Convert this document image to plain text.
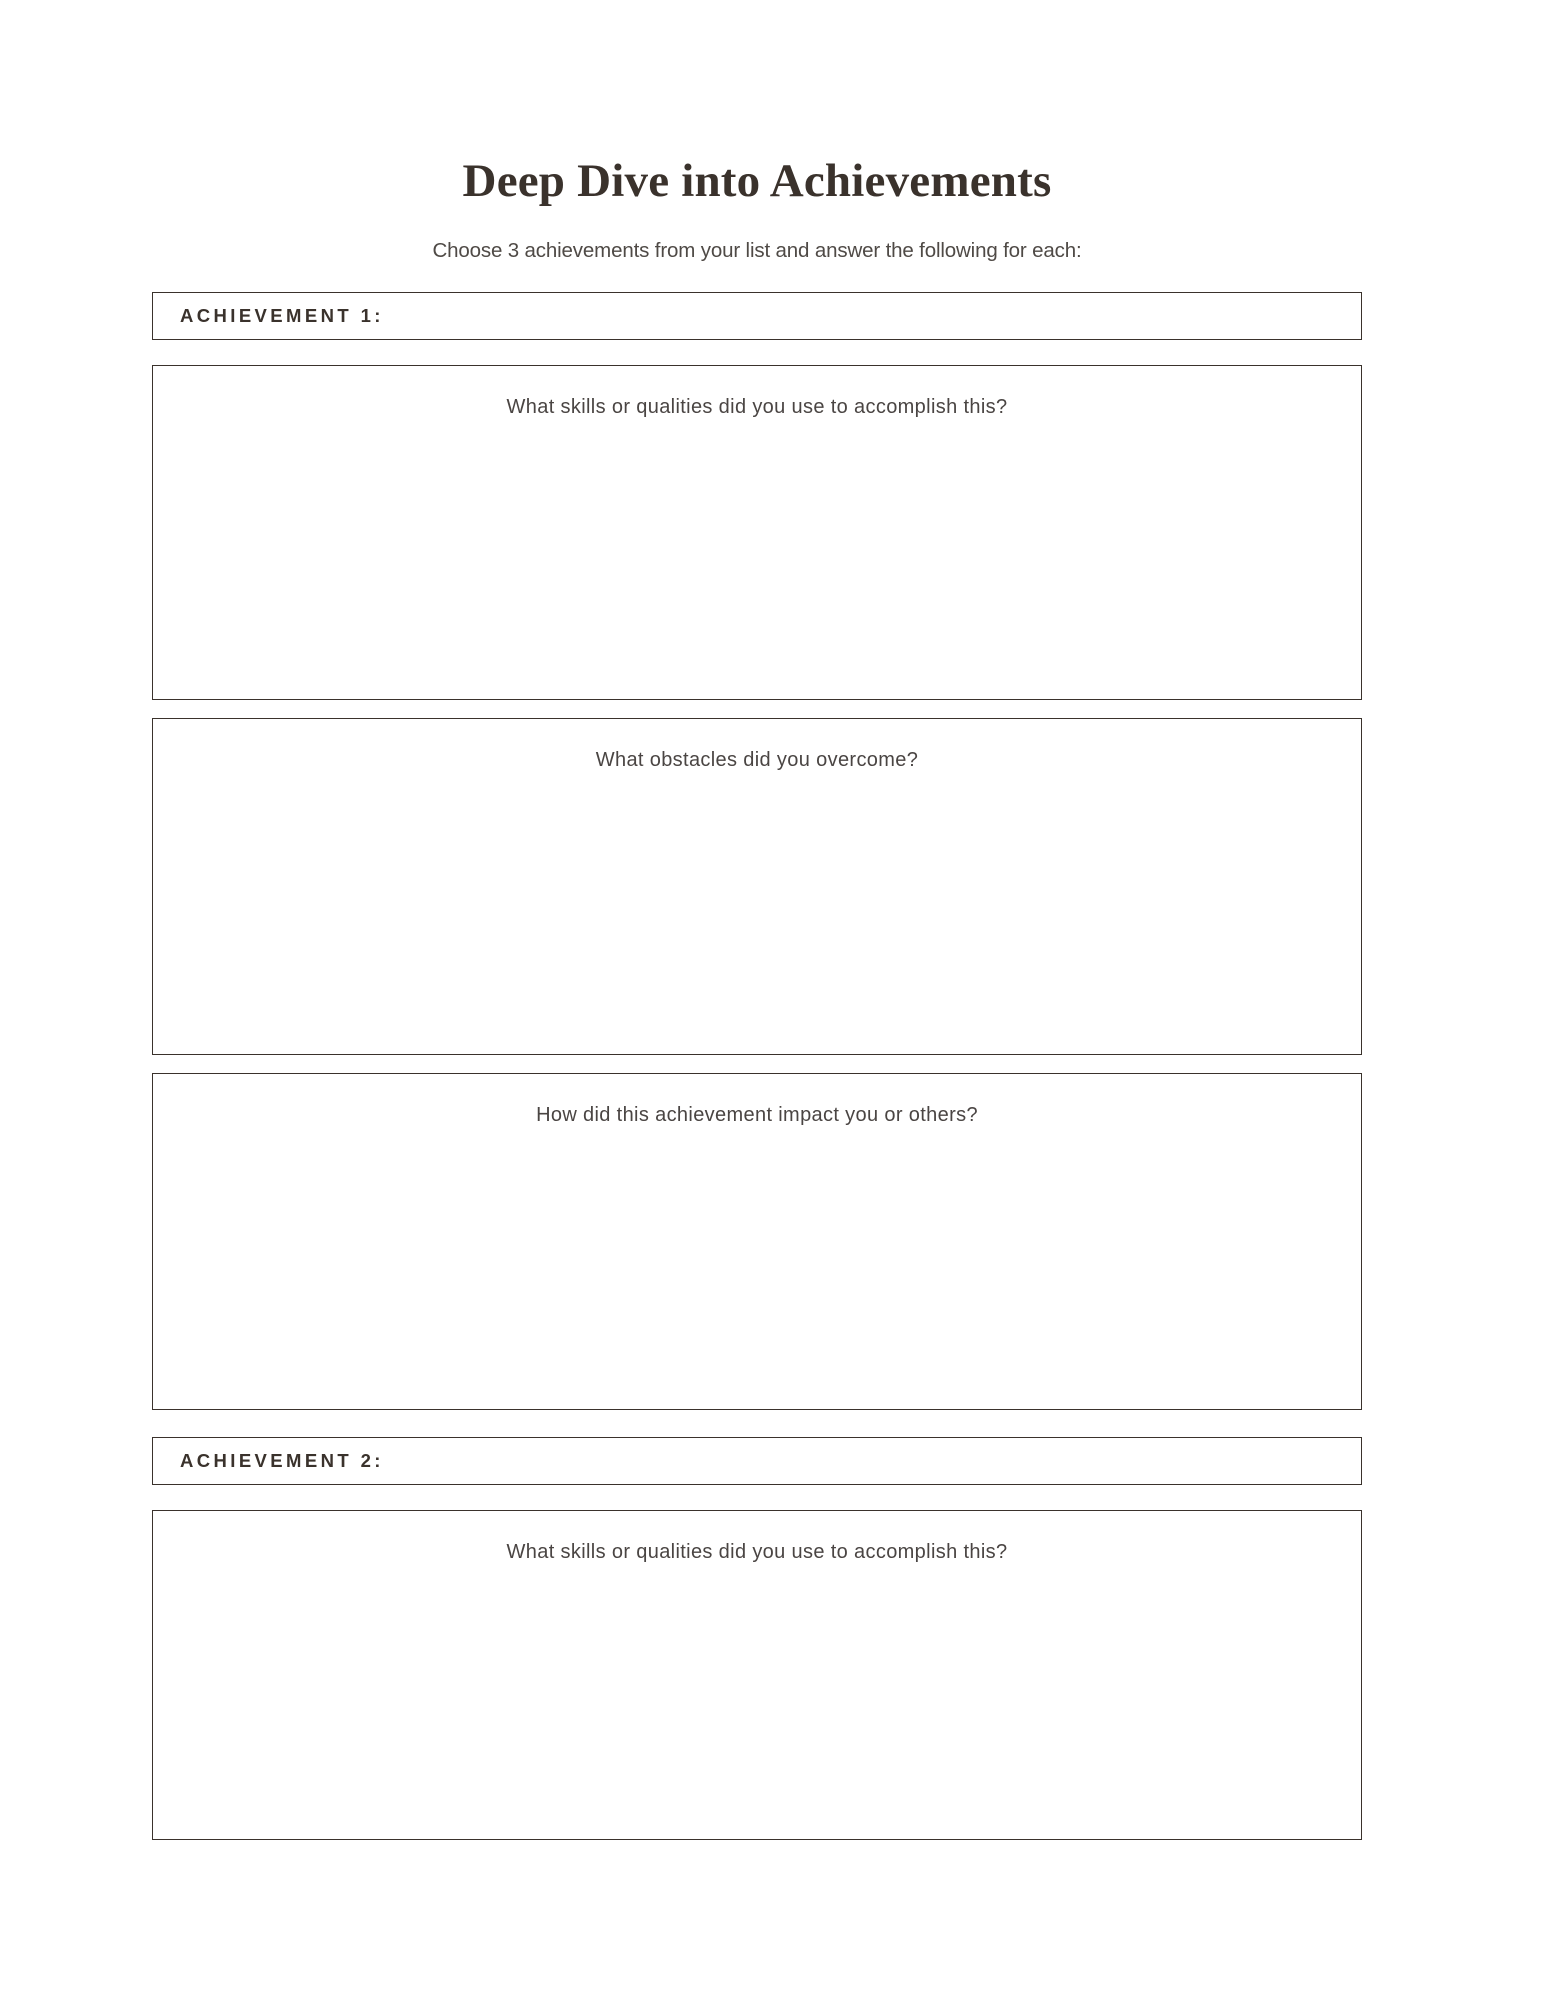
Deep Dive into Achievements
Choose 3 achievements from your list and answer the following for each:
ACHIEVEMENT 1:
What skills or qualities did you use to accomplish this?
What obstacles did you overcome?
How did this achievement impact you or others?
ACHIEVEMENT 2:
What skills or qualities did you use to accomplish this?
